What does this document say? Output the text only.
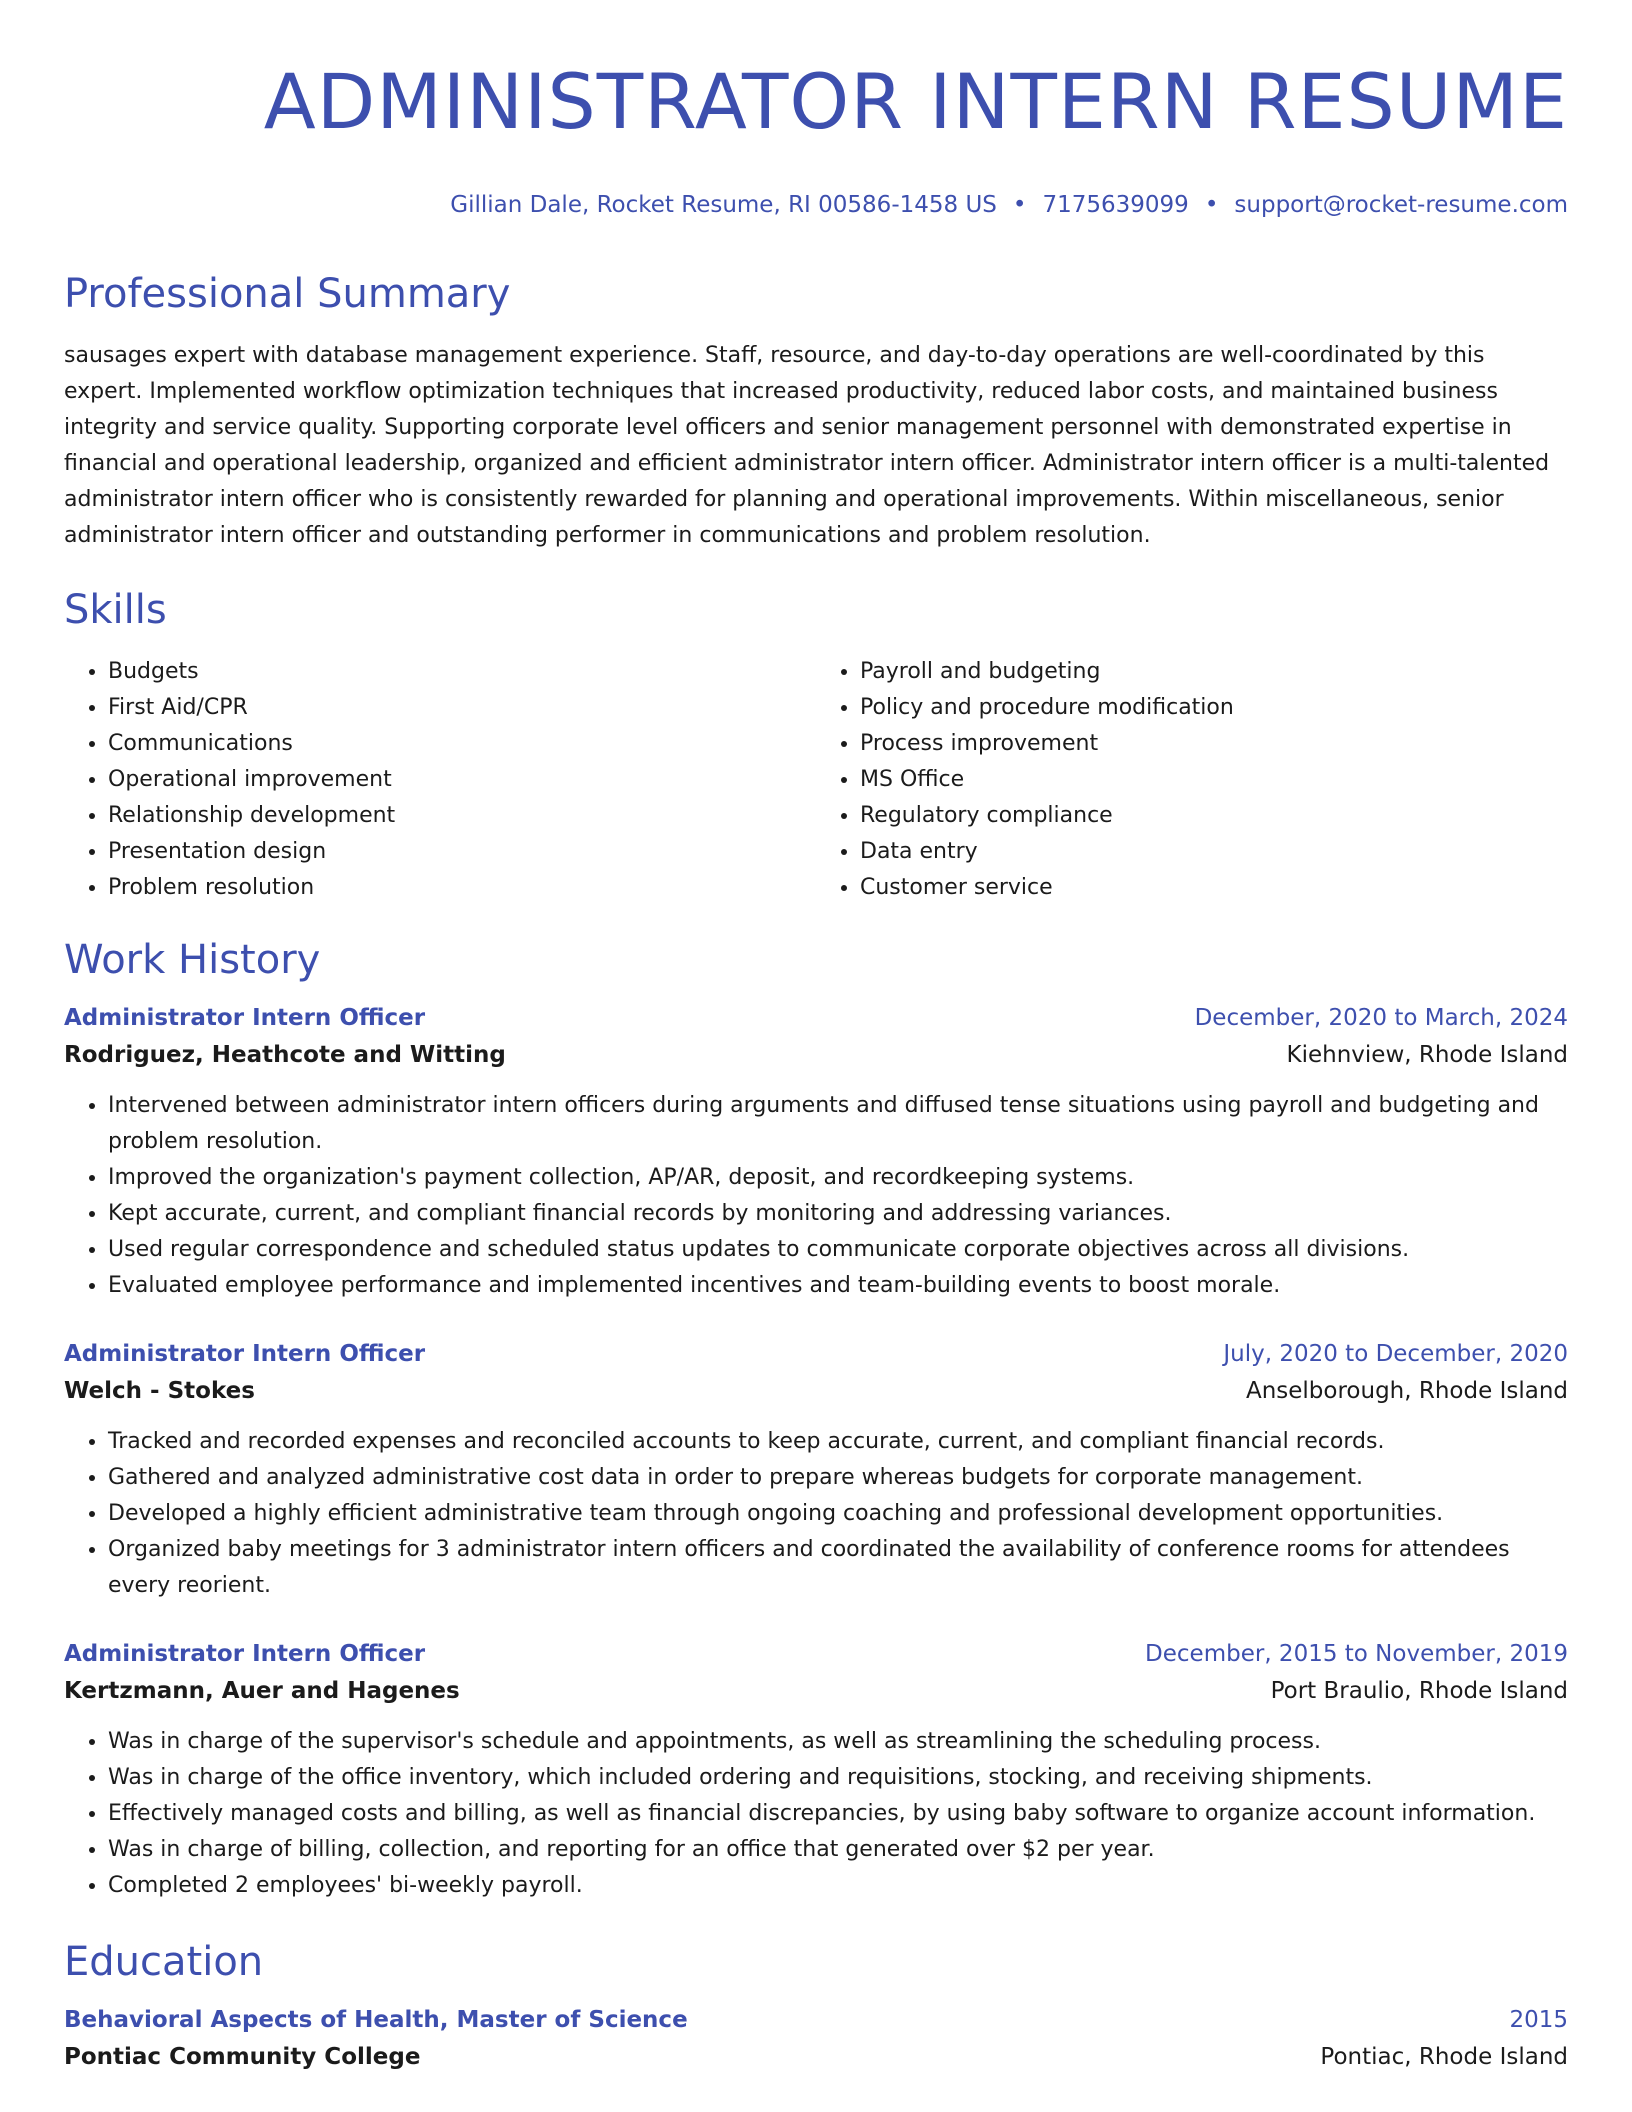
ADMINISTRATOR INTERN RESUME
Gillian Dale, Rocket Resume, RI 00586-1458 US • 7175639099 • support@rocket-resume.com
Professional Summary

sausages expert with database management experience. Staff, resource, and day-to-day operations are well-coordinated by this expert. Implemented workflow optimization techniques that increased productivity, reduced labor costs, and maintained business integrity and service quality. Supporting corporate level officers and senior management personnel with demonstrated expertise in financial and operational leadership, organized and efficient administrator intern officer. Administrator intern officer is a multi-talented administrator intern officer who is consistently rewarded for planning and operational improvements. Within miscellaneous, senior administrator intern officer and outstanding performer in communications and problem resolution.

Skills
• Budgets
• First Aid/CPR
• Communications
• Operational improvement
• Relationship development
• Presentation design
• Problem resolution
• Payroll and budgeting
• Policy and procedure modification
• Process improvement
• MS Office
• Regulatory compliance
• Data entry
• Customer service
Work History
Administrator Intern Officer	December, 2020 to March, 2024
Rodriguez, Heathcote and Witting	Kiehnview, Rhode Island
• Intervened between administrator intern officers during arguments and diffused tense situations using payroll and budgeting and problem resolution.
• Improved the organization's payment collection, AP/AR, deposit, and recordkeeping systems.
• Kept accurate, current, and compliant financial records by monitoring and addressing variances.
• Used regular correspondence and scheduled status updates to communicate corporate objectives across all divisions.
• Evaluated employee performance and implemented incentives and team-building events to boost morale.
Administrator Intern Officer	July, 2020 to December, 2020
Welch - Stokes	Anselborough, Rhode Island
• Tracked and recorded expenses and reconciled accounts to keep accurate, current, and compliant financial records.
• Gathered and analyzed administrative cost data in order to prepare whereas budgets for corporate management.
• Developed a highly efficient administrative team through ongoing coaching and professional development opportunities.
• Organized baby meetings for 3 administrator intern officers and coordinated the availability of conference rooms for attendees every reorient.
Administrator Intern Officer	December, 2015 to November, 2019
Kertzmann, Auer and Hagenes	Port Braulio, Rhode Island
• Was in charge of the supervisor's schedule and appointments, as well as streamlining the scheduling process.
• Was in charge of the office inventory, which included ordering and requisitions, stocking, and receiving shipments.
• Effectively managed costs and billing, as well as financial discrepancies, by using baby software to organize account information.
• Was in charge of billing, collection, and reporting for an office that generated over $2 per year.
• Completed 2 employees' bi-weekly payroll.
Education
Behavioral Aspects of Health, Master of Science	2015
Pontiac Community College	Pontiac, Rhode Island
